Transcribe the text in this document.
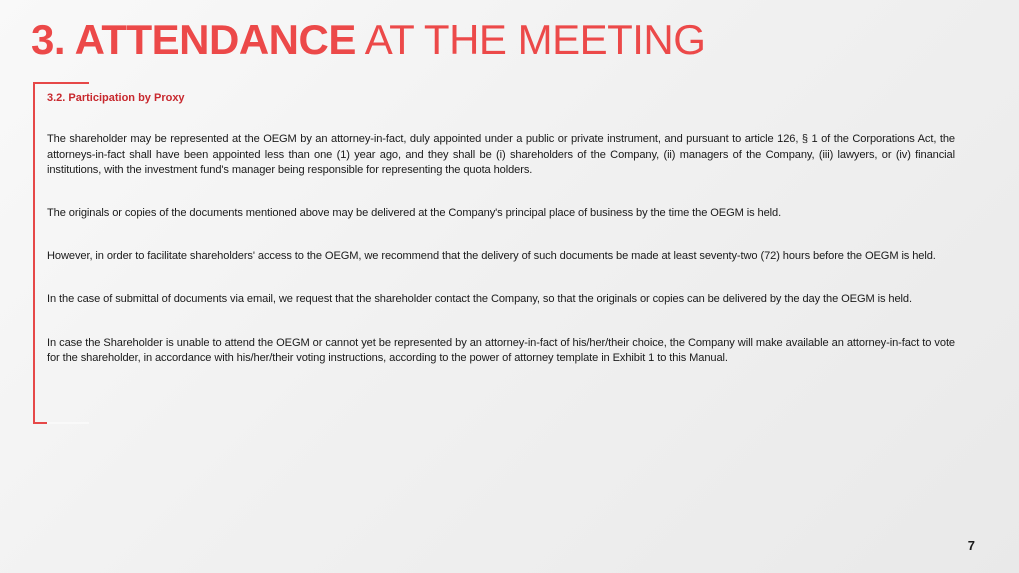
3. ATTENDANCE AT THE MEETING

3.2. Participation by Proxy

The shareholder may be represented at the OEGM by an attorney-in-fact, duly appointed under a public or private instrument, and pursuant to article 126, § 1 of the Corporations Act, the attorneys-in-fact shall have been appointed less than one (1) year ago, and they shall be (i) shareholders of the Company, (ii) managers of the Company, (iii) lawyers, or (iv) financial institutions, with the investment fund's manager being responsible for representing the quota holders.

The originals or copies of the documents mentioned above may be delivered at the Company's principal place of business by the time the OEGM is held.

However, in order to facilitate shareholders' access to the OEGM, we recommend that the delivery of such documents be made at least seventy-two (72) hours before the OEGM is held.

In the case of submittal of documents via email, we request that the shareholder contact the Company, so that the originals or copies can be delivered by the day the OEGM is held.

In case the Shareholder is unable to attend the OEGM or cannot yet be represented by an attorney-in-fact of his/her/their choice, the Company will make available an attorney-in-fact to vote for the shareholder, in accordance with his/her/their voting instructions, according to the power of attorney template in Exhibit 1 to this Manual.

7
